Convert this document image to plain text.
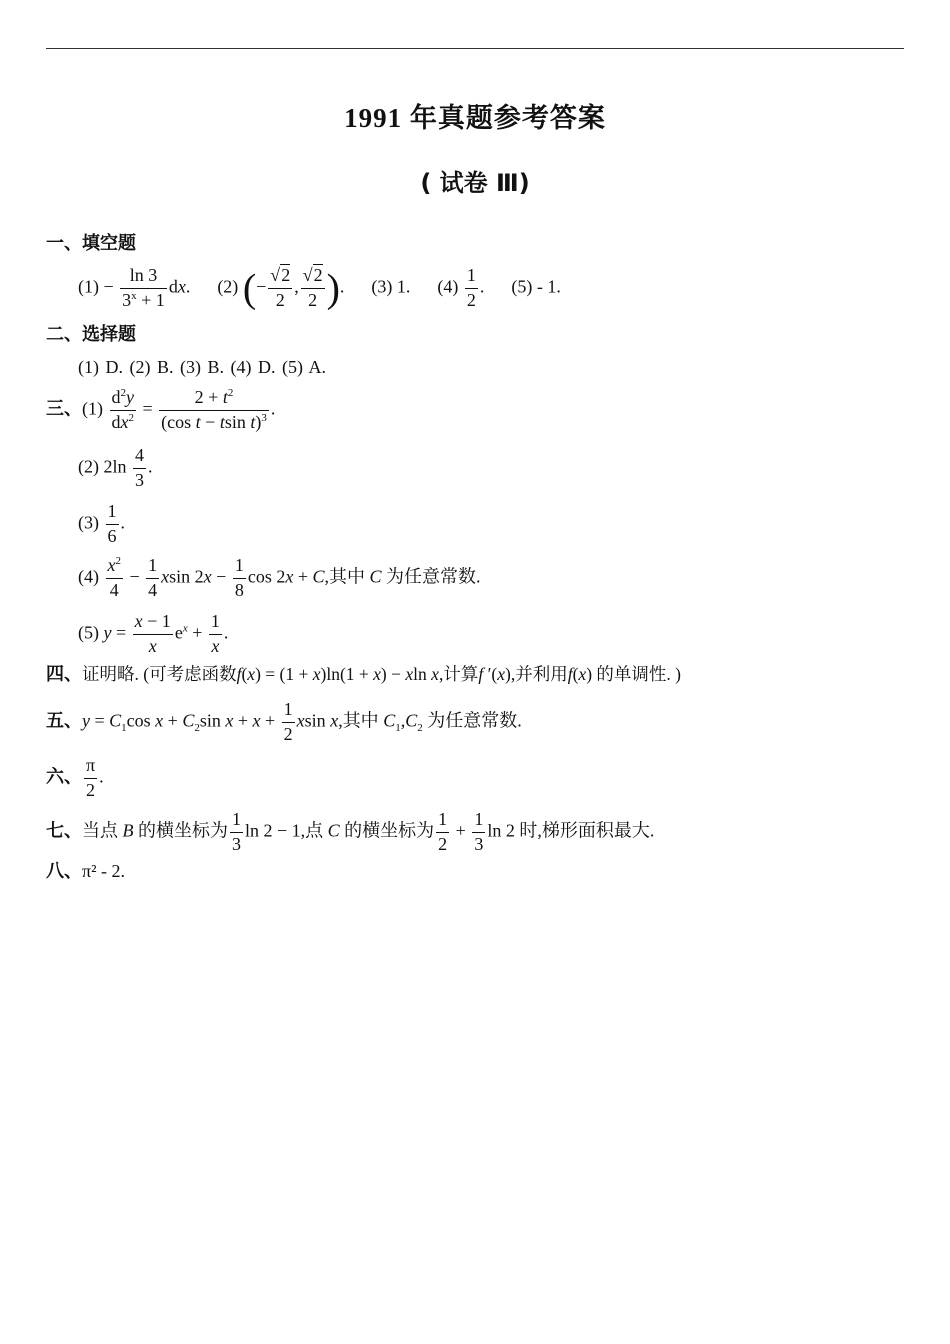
1991 年真题参考答案
( 试卷 Ⅲ)
一、填空题
$(1) - \frac{\ln 3}{3^x + 1}$ dx. (2) (− $\frac{√2}{2}$ , $\frac{√2}{2}$ ).  (3) 1. $(4) \frac{1}{2}$ .  (5) - 1.
二、选择题
(1) D. (2) B. (3) B. (4) D. (5) A.
三、$(1) \frac{d^2y}{dx^2} = \frac{2 + t^2}{(\cos t - tsin t)^3}$ .
(2) $2\ln \frac{4}{3}$ .
$(3) \frac{1}{6}$ .
$(4) \frac{x^2}{4} - \frac{1}{4}$ xsin $2x - \frac{1}{8}$ cos 2x + C,其中 C 为任意常数.
(5) $y = \frac{x - 1}{x} e^x + \frac{1}{x}$ .
四、证明略. (可考虑函数f(x) = (1 + x)ln(1 + x) − xln x,计算f ′(x),并利用f(x) 的单调性. )
五、$y = C_1\cos$ $x + C_2\sin$ $x + x + \frac{1}{2}$ xsin x,其中 $C_1,C_2$ 为任意常数.
六、 $\frac{\pi}{2}$ .
七、当点 B 的横坐标为 $\frac{1}{3}$ ln 2 − 1,点 C 的横坐标为 $\frac{1}{2} + \frac{1}{3}$ ln 2 时,梯形面积最大.
八、π² - 2.
